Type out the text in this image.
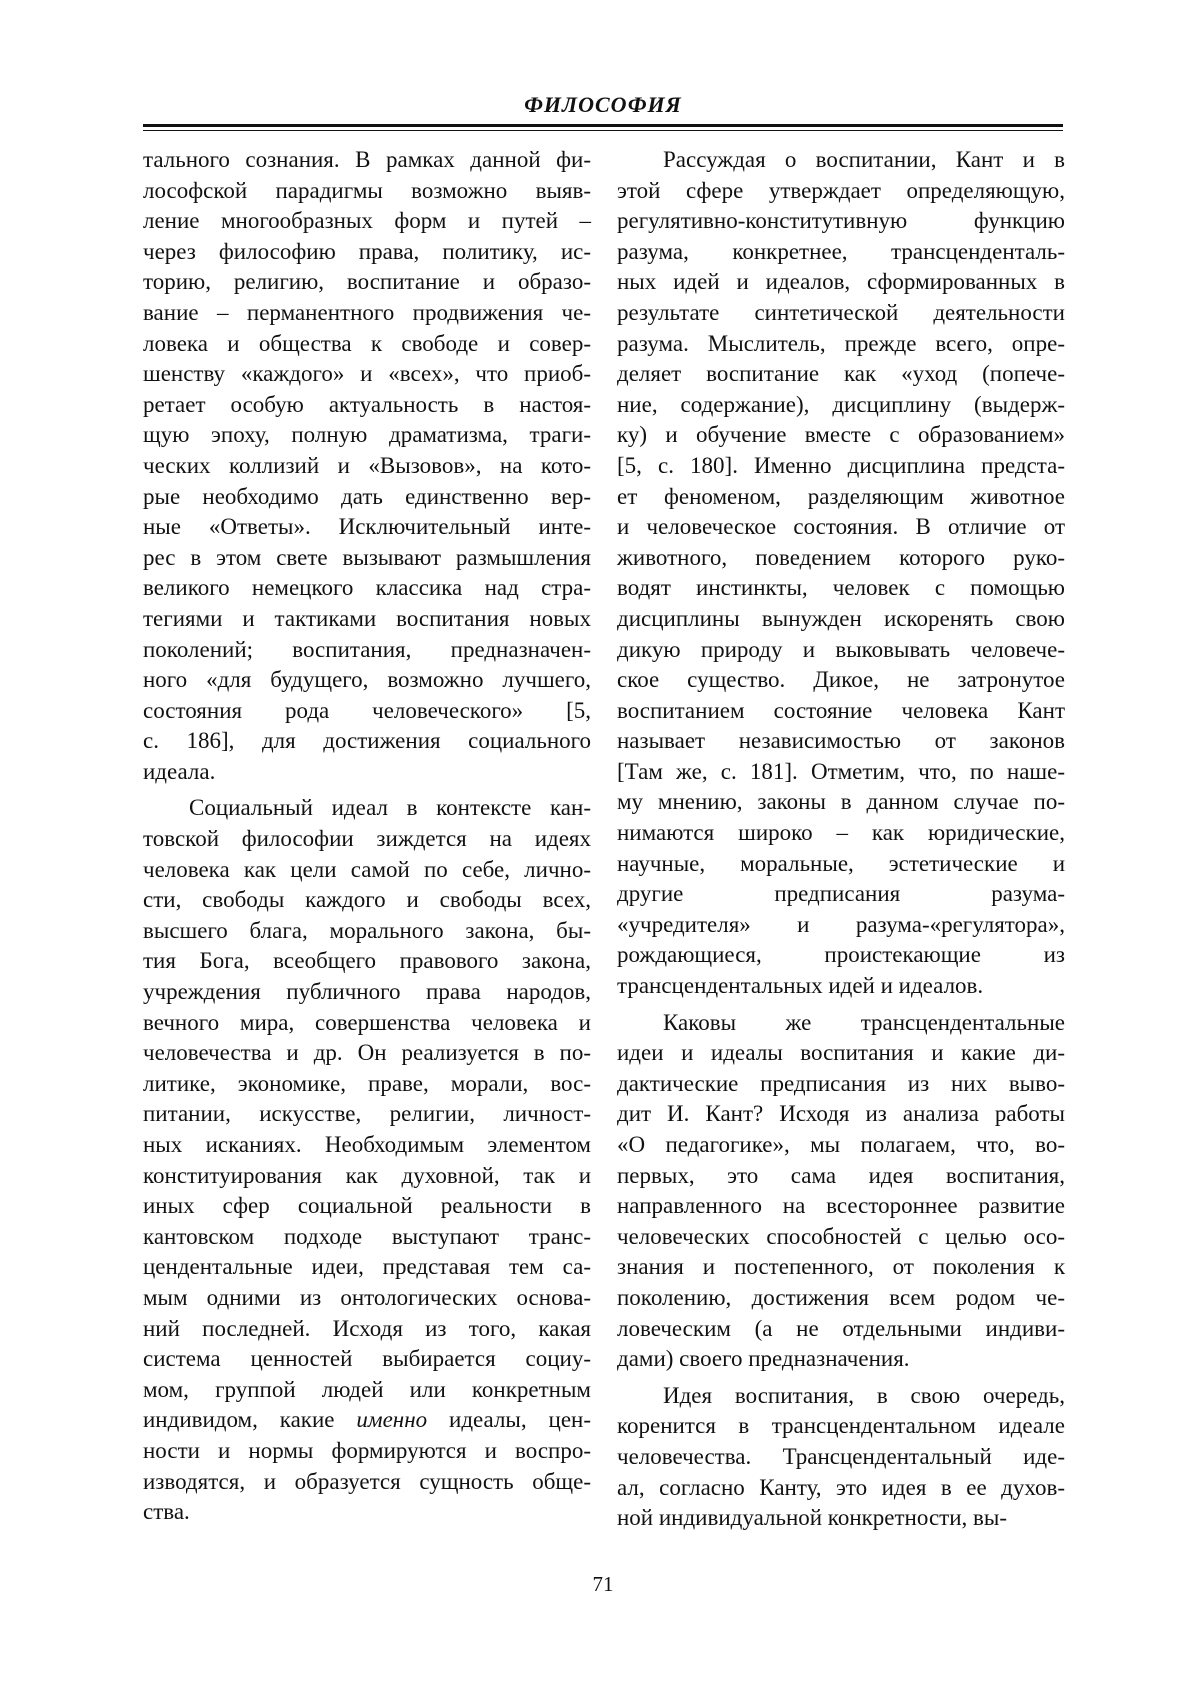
ФИЛОСОФИЯ
тального сознания. В рамках данной фи-
лософской парадигмы возможно выяв-
ление многообразных форм и путей –
через философию права, политику, ис-
торию, религию, воспитание и образо-
вание – перманентного продвижения че-
ловека и общества к свободе и совер-
шенству «каждого» и «всех», что приоб-
ретает особую актуальность в настоя-
щую эпоху, полную драматизма, траги-
ческих коллизий и «Вызовов», на кото-
рые необходимо дать единственно вер-
ные «Ответы». Исключительный инте-
рес в этом свете вызывают размышления
великого немецкого классика над стра-
тегиями и тактиками воспитания новых
поколений; воспитания, предназначен-
ного «для будущего, возможно лучшего,
состояния рода человеческого» [5,
с. 186], для достижения социального
идеала.
Социальный идеал в контексте кан-
товской философии зиждется на идеях
человека как цели самой по себе, лично-
сти, свободы каждого и свободы всех,
высшего блага, морального закона, бы-
тия Бога, всеобщего правового закона,
учреждения публичного права народов,
вечного мира, совершенства человека и
человечества и др. Он реализуется в по-
литике, экономике, праве, морали, вос-
питании, искусстве, религии, личност-
ных исканиях. Необходимым элементом
конституирования как духовной, так и
иных сфер социальной реальности в
кантовском подходе выступают транс-
цендентальные идеи, представая тем са-
мым одними из онтологических основа-
ний последней. Исходя из того, какая
система ценностей выбирается социу-
мом, группой людей или конкретным
индивидом, какие именно идеалы, цен-
ности и нормы формируются и воспро-
изводятся, и образуется сущность обще-
ства.
Рассуждая о воспитании, Кант и в
этой сфере утверждает определяющую,
регулятивно-конститутивную функцию
разума, конкретнее, трансценденталь-
ных идей и идеалов, сформированных в
результате синтетической деятельности
разума. Мыслитель, прежде всего, опре-
деляет воспитание как «уход (попече-
ние, содержание), дисциплину (выдерж-
ку) и обучение вместе с образованием»
[5, с. 180]. Именно дисциплина предста-
ет феноменом, разделяющим животное
и человеческое состояния. В отличие от
животного, поведением которого руко-
водят инстинкты, человек с помощью
дисциплины вынужден искоренять свою
дикую природу и выковывать человече-
ское существо. Дикое, не затронутое
воспитанием состояние человека Кант
называет независимостью от законов
[Там же, с. 181]. Отметим, что, по наше-
му мнению, законы в данном случае по-
нимаются широко – как юридические,
научные, моральные, эстетические и
другие предписания разума-
«учредителя» и разума-«регулятора»,
рождающиеся, проистекающие из
трансцендентальных идей и идеалов.
Каковы же трансцендентальные
идеи и идеалы воспитания и какие ди-
дактические предписания из них выво-
дит И. Кант? Исходя из анализа работы
«О педагогике», мы полагаем, что, во-
первых, это сама идея воспитания,
направленного на всестороннее развитие
человеческих способностей с целью осо-
знания и постепенного, от поколения к
поколению, достижения всем родом че-
ловеческим (а не отдельными индиви-
дами) своего предназначения.
Идея воспитания, в свою очередь,
коренится в трансцендентальном идеале
человечества. Трансцендентальный иде-
ал, согласно Канту, это идея в ее духов-
ной индивидуальной конкретности, вы-
71
